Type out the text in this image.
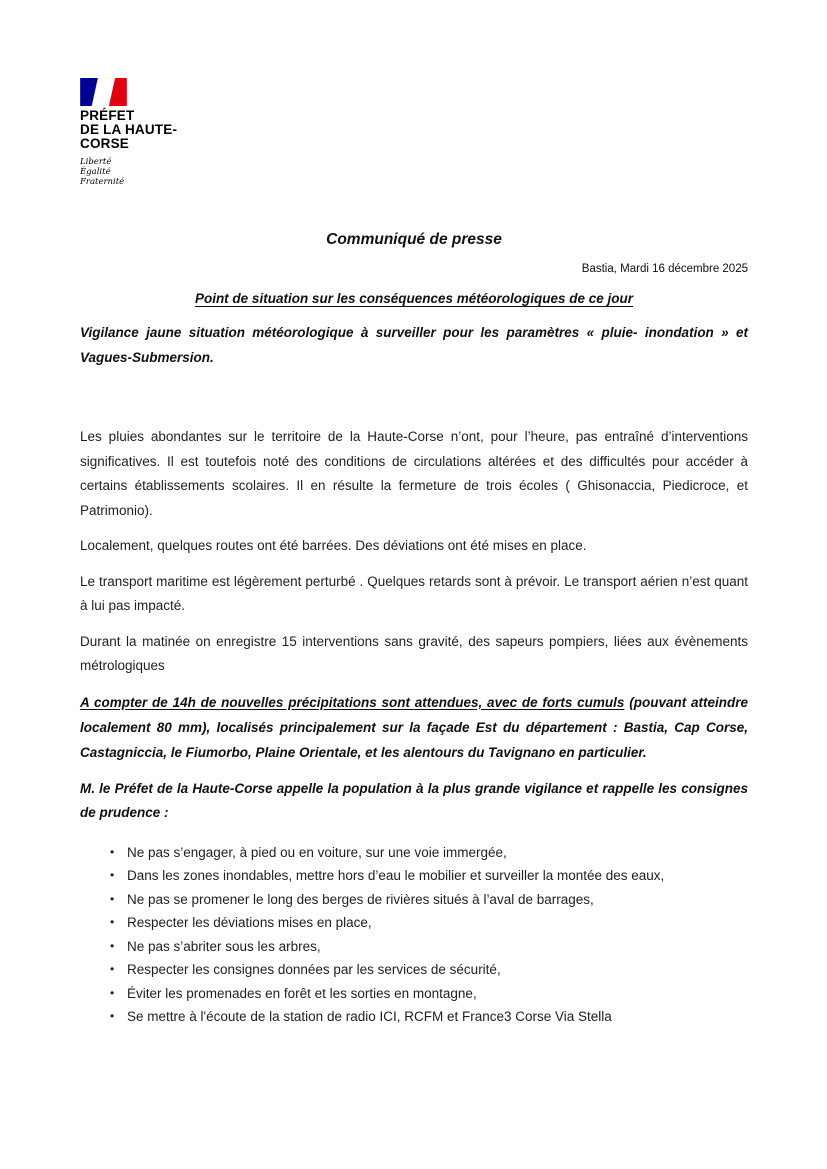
PRÉFET
DE LA HAUTE-
CORSE
Liberté
Égalité
Fraternité
Communiqué de presse
Bastia, Mardi 16 décembre 2025
Point de situation sur les conséquences météorologiques de ce jour

Vigilance jaune situation météorologique à surveiller pour les paramètres « pluie- inondation » et Vagues-Submersion.

Les pluies abondantes sur le territoire de la Haute-Corse n’ont, pour l’heure, pas entraîné d’interventions significatives. Il est toutefois noté des conditions de circulations altérées et des difficultés pour accéder à certains établissements scolaires. Il en résulte la fermeture de trois écoles ( Ghisonaccia, Piedicroce, et Patrimonio).

Localement, quelques routes ont été barrées. Des déviations ont été mises en place.

Le transport maritime est légèrement perturbé . Quelques retards sont à prévoir. Le transport aérien n’est quant à lui pas impacté.

Durant la matinée on enregistre 15 interventions sans gravité, des sapeurs pompiers, liées aux évènements métrologiques

A compter de 14h de nouvelles précipitations sont attendues, avec de forts cumuls (pouvant atteindre localement 80 mm), localisés principalement sur la façade Est du département : Bastia, Cap Corse, Castagniccia, le Fiumorbo, Plaine Orientale, et les alentours du Tavignano en particulier.

M. le Préfet de la Haute-Corse appelle la population à la plus grande vigilance et rappelle les consignes de prudence :

• Ne pas s’engager, à pied ou en voiture, sur une voie immergée,
• Dans les zones inondables, mettre hors d’eau le mobilier et surveiller la montée des eaux,
• Ne pas se promener le long des berges de rivières situés à l’aval de barrages,
• Respecter les déviations mises en place,
• Ne pas s’abriter sous les arbres,
• Respecter les consignes données par les services de sécurité,
• Éviter les promenades en forêt et les sorties en montagne,
• Se mettre à l'écoute de la station de radio ICI, RCFM et France3 Corse Via Stella
